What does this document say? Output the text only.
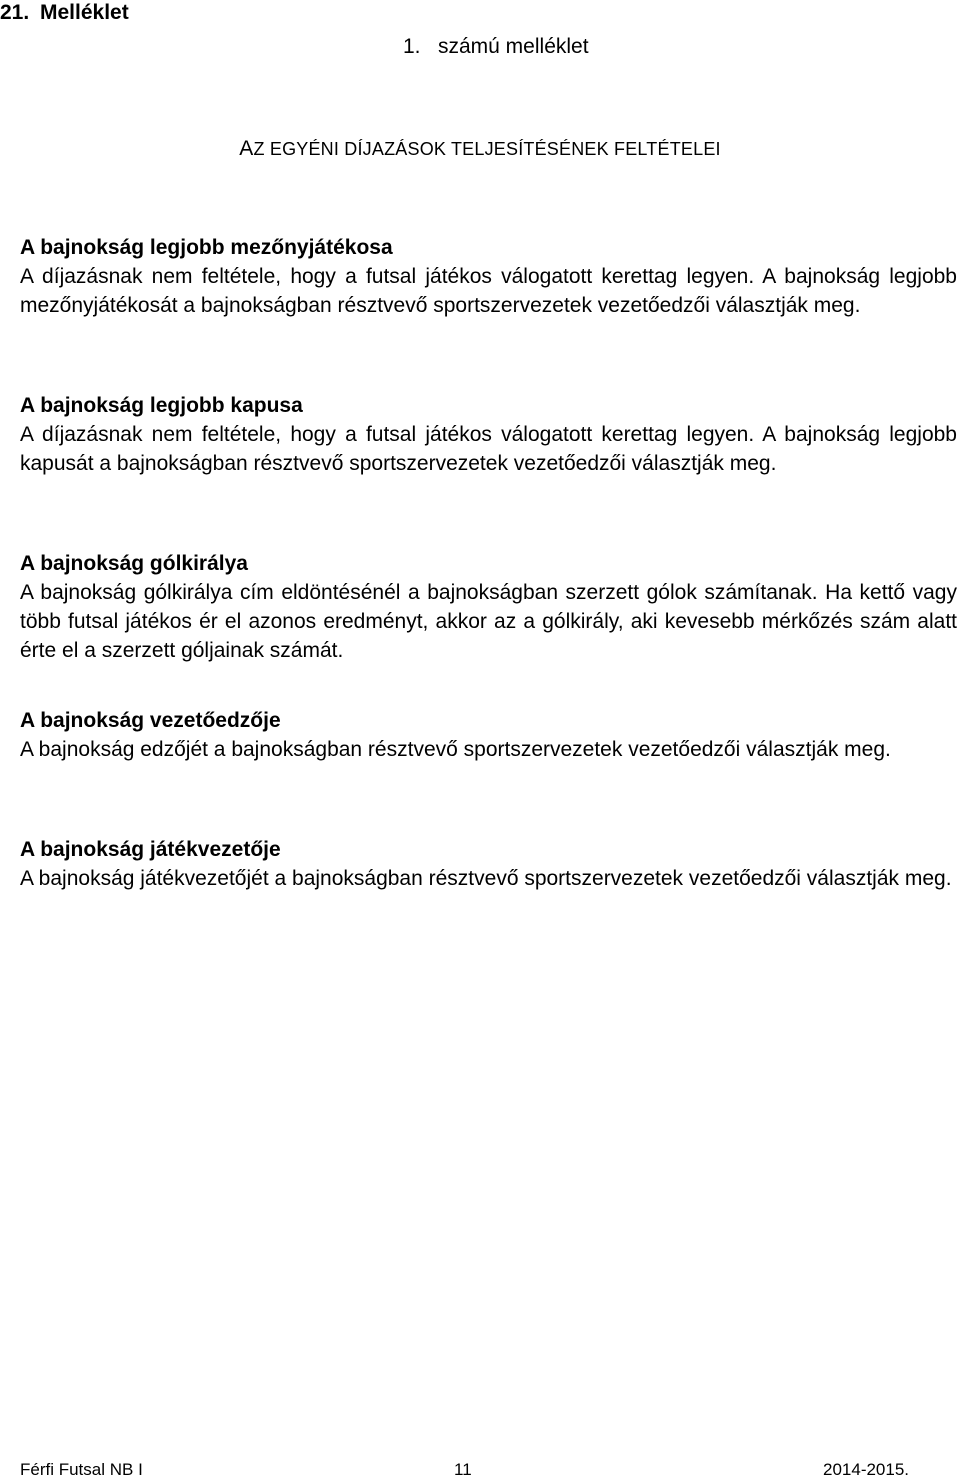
21. Melléklet
1. számú melléklet
AZ EGYÉNI DÍJAZÁSOK TELJESÍTÉSÉNEK FELTÉTELEI

A bajnokság legjobb mezőnyjátékosa

A díjazásnak nem feltétele, hogy a futsal játékos válogatott kerettag legyen. A bajnokság legjobb mezőnyjátékosát a bajnokságban résztvevő sportszervezetek vezetőedzői választják meg.

A bajnokság legjobb kapusa

A díjazásnak nem feltétele, hogy a futsal játékos válogatott kerettag legyen. A bajnokság legjobb kapusát a bajnokságban résztvevő sportszervezetek vezetőedzői választják meg.

A bajnokság gólkirálya

A bajnokság gólkirálya cím eldöntésénél a bajnokságban szerzett gólok számítanak. Ha kettő vagy több futsal játékos ér el azonos eredményt, akkor az a gólkirály, aki kevesebb mérkőzés szám alatt érte el a szerzett góljainak számát.

A bajnokság vezetőedzője

A bajnokság edzőjét a bajnokságban résztvevő sportszervezetek vezetőedzői választják meg.

A bajnokság játékvezetője

A bajnokság játékvezetőjét a bajnokságban résztvevő sportszervezetek vezetőedzői választják meg.

Férfi Futsal NB I	11	2014-2015.
